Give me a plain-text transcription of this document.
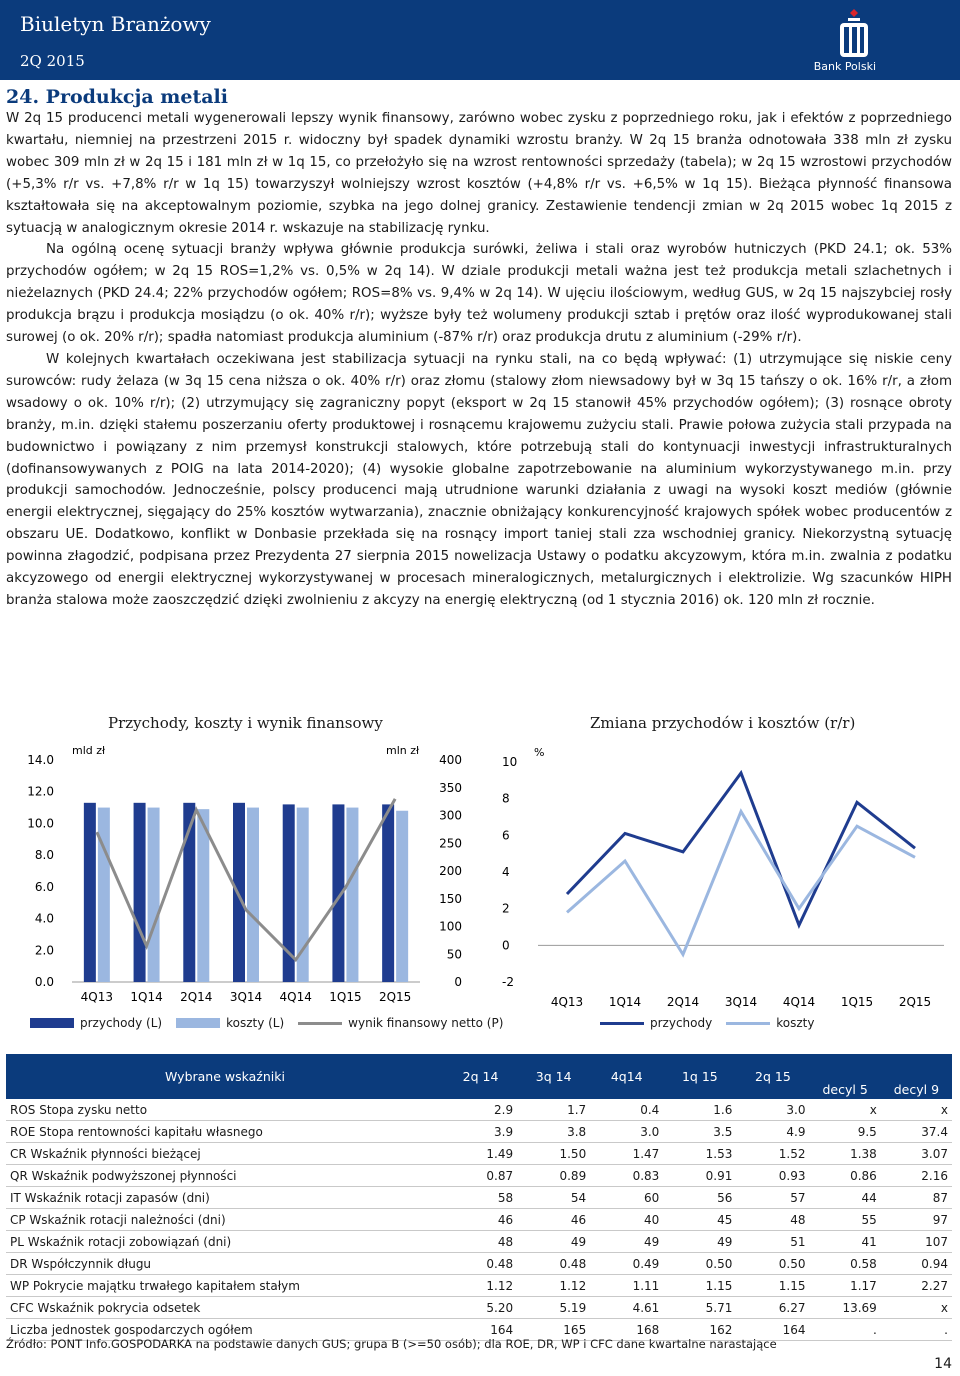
Biuletyn Branżowy
2Q 2015	Bank Polski
24. Produkcja metali

W 2q 15 producenci metali wygenerowali lepszy wynik finansowy, zarówno wobec zysku z poprzedniego roku, jak i efektów z poprzedniego kwartału, niemniej na przestrzeni 2015 r. widoczny był spadek dynamiki wzrostu branży. W 2q 15 branża odnotowała 338 mln zł zysku wobec 309 mln zł w 2q 15 i 181 mln zł w 1q 15, co przełożyło się na wzrost rentowności sprzedaży (tabela); w 2q 15 wzrostowi przychodów (+5,3% r/r vs. +7,8% r/r w 1q 15) towarzyszył wolniejszy wzrost kosztów (+4,8% r/r vs. +6,5% w 1q 15). Bieżąca płynność finansowa kształtowała się na akceptowalnym poziomie, szybka na jego dolnej granicy. Zestawienie tendencji zmian w 2q 2015 wobec 1q 2015 z sytuacją w analogicznym okresie 2014 r. wskazuje na stabilizację rynku.

Na ogólną ocenę sytuacji branży wpływa głównie produkcja surówki, żeliwa i stali oraz wyrobów hutniczych (PKD 24.1; ok. 53% przychodów ogółem; w 2q 15 ROS=1,2% vs. 0,5% w 2q 14). W dziale produkcji metali ważna jest też produkcja metali szlachetnych i nieżelaznych (PKD 24.4; 22% przychodów ogółem; ROS=8% vs. 9,4% w 2q 14). W ujęciu ilościowym, według GUS, w 2q 15 najszybciej rosły produkcja brązu i produkcja mosiądzu (o ok. 40% r/r); wyższe były też wolumeny produkcji sztab i prętów oraz ilość wyprodukowanej stali surowej (o ok. 20% r/r); spadła natomiast produkcja aluminium (-87% r/r) oraz produkcja drutu z aluminium (-29% r/r).

W kolejnych kwartałach oczekiwana jest stabilizacja sytuacji na rynku stali, na co będą wpływać: (1) utrzymujące się niskie ceny surowców: rudy żelaza (w 3q 15 cena niższa o ok. 40% r/r) oraz złomu (stalowy złom niewsadowy był w 3q 15 tańszy o ok. 16% r/r, a złom wsadowy o ok. 10% r/r); (2) utrzymujący się zagraniczny popyt (eksport w 2q 15 stanowił 45% przychodów ogółem); (3) rosnące obroty branży, m.in. dzięki stałemu poszerzaniu oferty produktowej i rosnącemu krajowemu zużyciu stali. Prawie połowa zużycia stali przypada na budownictwo i powiązany z nim przemysł konstrukcji stalowych, które potrzebują stali do kontynuacji inwestycji infrastrukturalnych (dofinansowywanych z POIG na lata 2014-2020); (4) wysokie globalne zapotrzebowanie na aluminium wykorzystywanego m.in. przy produkcji samochodów. Jednocześnie, polscy producenci mają utrudnione warunki działania z uwagi na wysoki koszt mediów (głównie energii elektrycznej, sięgający do 25% kosztów wytwarzania), znacznie obniżający konkurencyjność krajowych spółek wobec producentów z obszaru UE. Dodatkowo, konflikt w Donbasie przekłada się na rosnący import taniej stali zza wschodniej granicy. Niekorzystną sytuację powinna złagodzić, podpisana przez Prezydenta 27 sierpnia 2015 nowelizacja Ustawy o podatku akcyzowym, która m.in. zwalnia z podatku akcyzowego od energii elektrycznej wykorzystywanej w procesach mineralogicznych, metalurgicznych i elektrolizie. Wg szacunków HIPH branża stalowa może zaoszczędzić dzięki zwolnieniu z akcyzy na energię elektryczną (od 1 stycznia 2016) ok. 120 mln zł rocznie.

Przychody, koszty i wynik finansowy
0.0
2.0
4.0
6.0
8.0
10.0
12.0
14.0
0
50
100
150
200
250
300
350
400
mld zł	mln zł
4Q13 1Q14 2Q14 3Q14 4Q14 1Q15 2Q15
przychody (L)	koszty (L)	wynik finansowy netto (P)
Zmiana przychodów i kosztów (r/r)
-2
0
2
4
6
8
10
%
4Q13 1Q14 2Q14 3Q14 4Q14 1Q15 2Q15
przychody	koszty
Wybrane wskaźniki	2q 14	3q 14	4q14	1q 15	2q 15	decyl 5	decyl 9
ROS Stopa zysku netto	2.9	1.7	0.4	1.6	3.0	x	x
ROE Stopa rentowności kapitału własnego	3.9	3.8	3.0	3.5	4.9	9.5	37.4
CR Wskaźnik płynności bieżącej	1.49	1.50	1.47	1.53	1.52	1.38	3.07
QR Wskaźnik podwyższonej płynności	0.87	0.89	0.83	0.91	0.93	0.86	2.16
IT Wskaźnik rotacji zapasów (dni)	58	54	60	56	57	44	87
CP Wskaźnik rotacji należności (dni)	46	46	40	45	48	55	97
PL Wskaźnik rotacji zobowiązań (dni)	48	49	49	49	51	41	107
DR Współczynnik długu	0.48	0.48	0.49	0.50	0.50	0.58	0.94
WP Pokrycie majątku trwałego kapitałem stałym	1.12	1.12	1.11	1.15	1.15	1.17	2.27
CFC Wskaźnik pokrycia odsetek	5.20	5.19	4.61	5.71	6.27	13.69	x
Liczba jednostek gospodarczych ogółem	164	165	168	162	164	.	.
Źródło: PONT Info.GOSPODARKA na podstawie danych GUS; grupa B (>=50 osób); dla ROE, DR, WP i CFC dane kwartalne narastające
14
